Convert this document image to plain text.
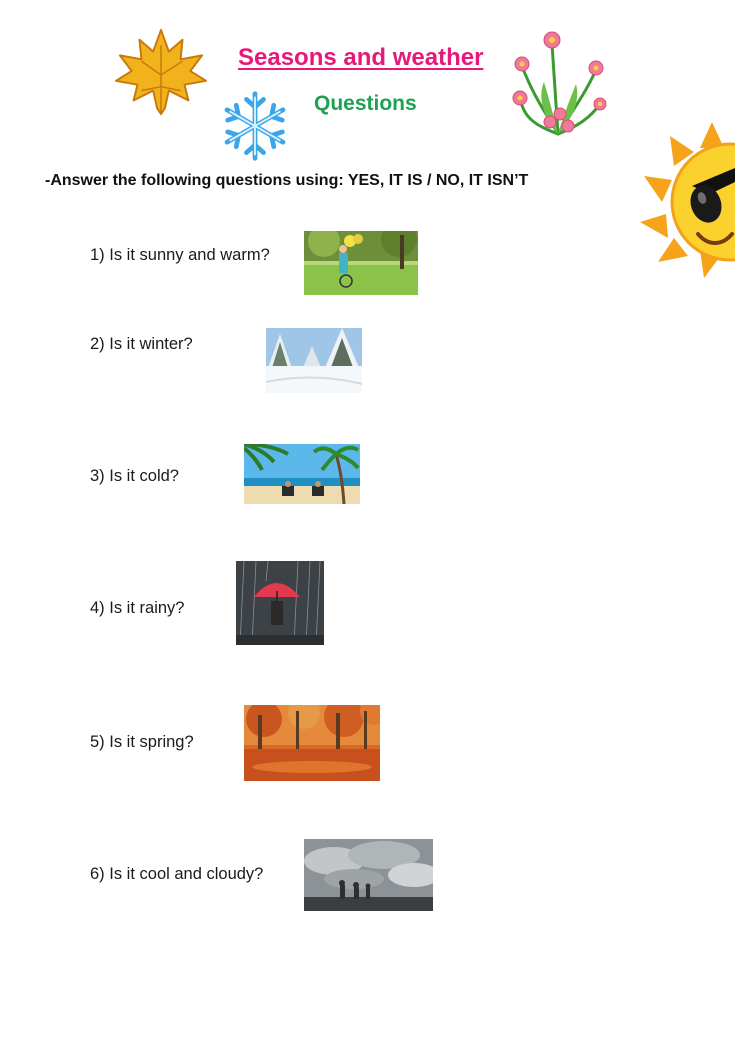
Seasons and weather
Questions
-Answer the following questions using: YES, IT IS / NO, IT ISN’T
1) Is it sunny and warm?
2) Is it winter?
3) Is it cold?
4) Is it rainy?
5) Is it spring?
6) Is it cool and cloudy?
